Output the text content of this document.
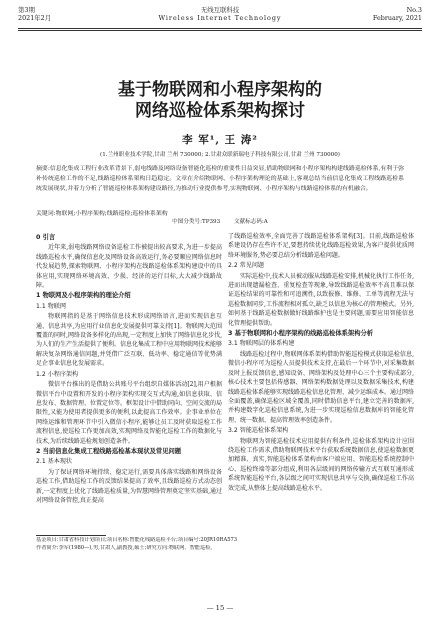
第3期
2021年2月
无线互联科技
Wireless Internet Technology
No.3
February, 2021
基于物联网和小程序架构的
网络巡检体系架构探讨
李 军¹, 王 涛²
(1.兰州职业技术学院,甘肃 兰州 730000; 2.甘肃众联新瑞电子科技有限公司,甘肃 兰州 730000)
摘要:信息化集成工程行业改革背景下,弱电线路及网络设备智能化巡检的重要性日益突显,借助物联网和小程序架构构建线路巡检体系,有利于弥补传统巡检工作的不足,线路巡检体系架构日趋稳定。文章在介绍物联网、小程序架构理论的基础上,客观总结当前信息化集成工程线路巡检系统发展现状,并着力分析了智能巡检体系架构建设路径,为推动行业提供参考,实现物联网、小程序架构与线路巡检体系的有机融合。
关键词:物联网;小程序架构;线路巡检;巡检体系架构
中图分类号:TP393 文献标志码:A
0 引言

近年来,弱电线路网络设备巡检工作被提出较高要求,为进一步提高线路巡检水平,确保信息化及网络设备高效运行,务必要顺应网络信息时代发展趋势,探索物联网、小程序架构在线路巡检体系架构建设中的具体应用,实现网络环境高效、少损、经济的运行目标,大大减少线路故障。

1 物联网及小程序架构的理论介绍
1.1 物联网

物联网指的是基于网络信息技术形成网络语言,进而实现信息互通、信息共享,为应用行业信息化发展提供可靠支持[1]。物联网大范围覆盖的同时,网络设备多样化的出现,一定程度上加快了网络信息化步伐,为人们的生产生活提供了便利。信息化集成工程中应用物联网技术能够解决复杂网络通信问题,并凭借广泛互联、低功率、稳定通信等优势满足企事业信息化发展需求。

1.2 小程序架构

微信平台推出的是借助公共账号平台组织自媒体活动[2],用户根据微信平台中设置和开发的小程序架构实现交互式沟通,如信息获取、信息发布、数据管理、位置定位等。框架设计中借助同向、空间交流的局限性,又能为使用者提供更多的便利,以此提高工作效率。企事业单位在网络运维和管理环节中引入微信小程序,能够让员工及时获取巡检工作流程信息,使巡检工作更加高效,实现网络及智能化巡检工作的数据化与技术,为后续线路巡检规划创造条件。

2 当前信息化集成工程线路巡检基本现状及常见问题
2.1 基本现状

为了保证网络环境持续、稳定运行,需要具体落实线路和网络设备巡检工作,借助巡检工作的反馈结果提高了效率,且线路巡检方式动态创新,一定程度上优化了线路巡检质量,为智慧网络管理奠定坚实基础,通过对网络设备管控,真正提高

了线路巡检效率,全面完善了线路巡检体系架构[3]。目前,线路巡检体系建设仍存在些许不足,要想持续优化线路巡检效果,为客户提供优质网络环境服务,势必要总结分析线路巡检问题。

2.2 常见问题

实际巡检中,技术人员被动服从线路巡检安排,机械化执行工作任务,进而出现遗漏检查、重复检查等现象,导致线路巡检效率不高且难以保证巡检结果的可靠性和可追溯性,以致报修、维修、工单等流程无法与巡检数据同步,工作流程相对孤立,缺乏以信息为核心的管理模式。另外,如何基于线路巡检数据做好线路维护也是主要问题,需要应用智能信息化管理提供帮助。

3 基于物联网和小程序架构的线路巡检体系架构分析
3.1 物联网层的体系构建

线路巡检过程中,物联网体系架构借助智能巡检模式获取巡检信息,微信小程序可为巡检人员提供技术支持,在最后一个环节中,对采集数据及时上报反馈信息,感知设备、网络架构及处理中心三个主要构成部分,核心技术主要包括传感器、网络架构数据处理以及数据采集技术,构建线路巡检体系能够实现线路巡检信息化管理、减少运维成本。通过网络全面覆盖,确保巡检区域全覆盖,同时借助信息平台,建立完善的数据库,并构建数字化巡检信息系统,为进一步实现巡检信息数据库的智能化管理、统一数据、提高管理效率创造条件。

3.2 智能巡检体系架构

物联网为智能巡检技术应用提供有利条件,巡检体系架构设计应围绕巡检工作需求,借助物联网技术平台获取系统数据信息,使巡检数据更加精准、真实,智能巡检体系架构由客户端应用、智能巡检系统控制中心、巡检终端等部分组成,利用各层级间的网络传输方式互联互通形成系统智能巡检平台,各层级之间可实现信息共享与交换,确保巡检工作高效完成,从整体上提高线路巡检水平。

基金项目:甘肃省科技计划项目;项目名称:智能化线路巡检平台;项目编号:20JR10RA573
作者简介:李军(1980—),男,甘肃人,副教授,硕士;研究方向:物联网、智能巡检。
— 15 —
